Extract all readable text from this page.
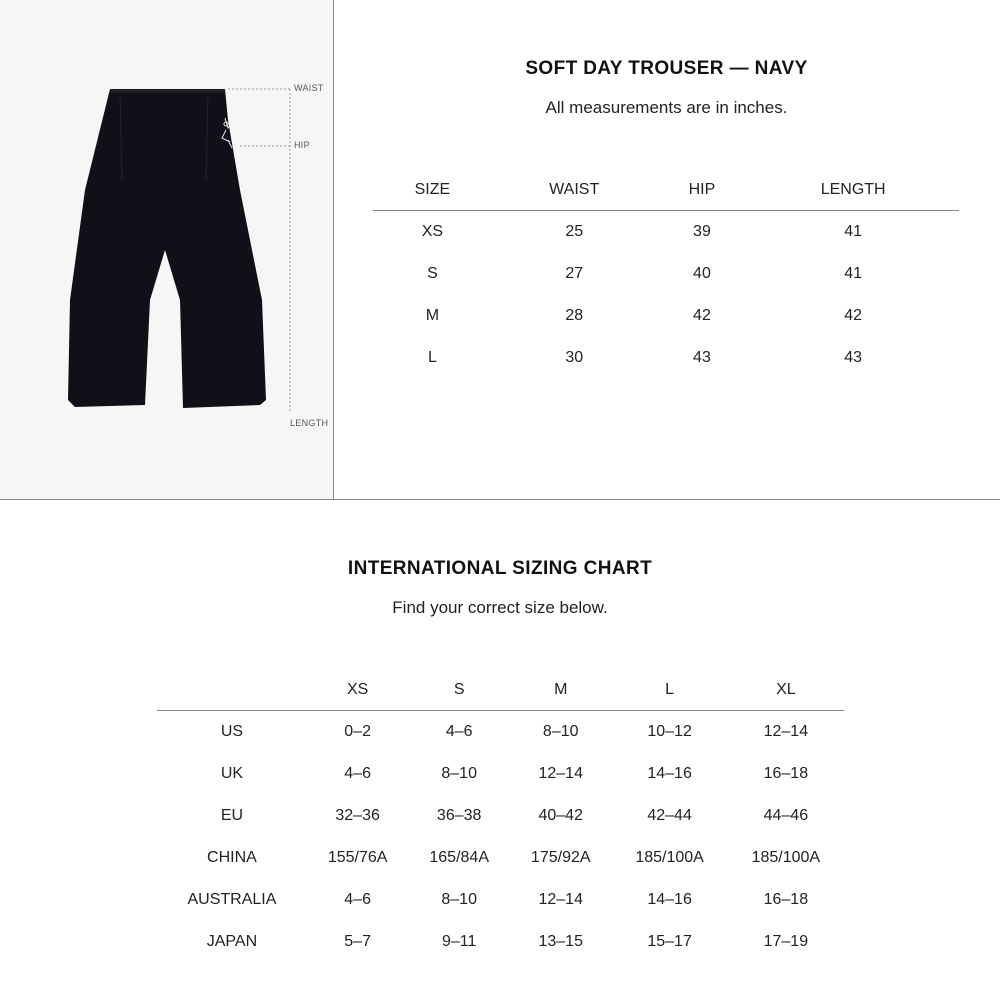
WAIST
HIP
LENGTH
SOFT DAY TROUSER — NAVY
All measurements are in inches.
SIZE	WAIST	HIP	LENGTH
XS	25	39	41
S	27	40	41
M	28	42	42
L	30	43	43
INTERNATIONAL SIZING CHART
Find your correct size below.
	XS	S	M	L	XL
US	0–2	4–6	8–10	10–12	12–14
UK	4–6	8–10	12–14	14–16	16–18
EU	32–36	36–38	40–42	42–44	44–46
CHINA	155/76A	165/84A	175/92A	185/100A	185/100A
AUSTRALIA	4–6	8–10	12–14	14–16	16–18
JAPAN	5–7	9–11	13–15	15–17	17–19
